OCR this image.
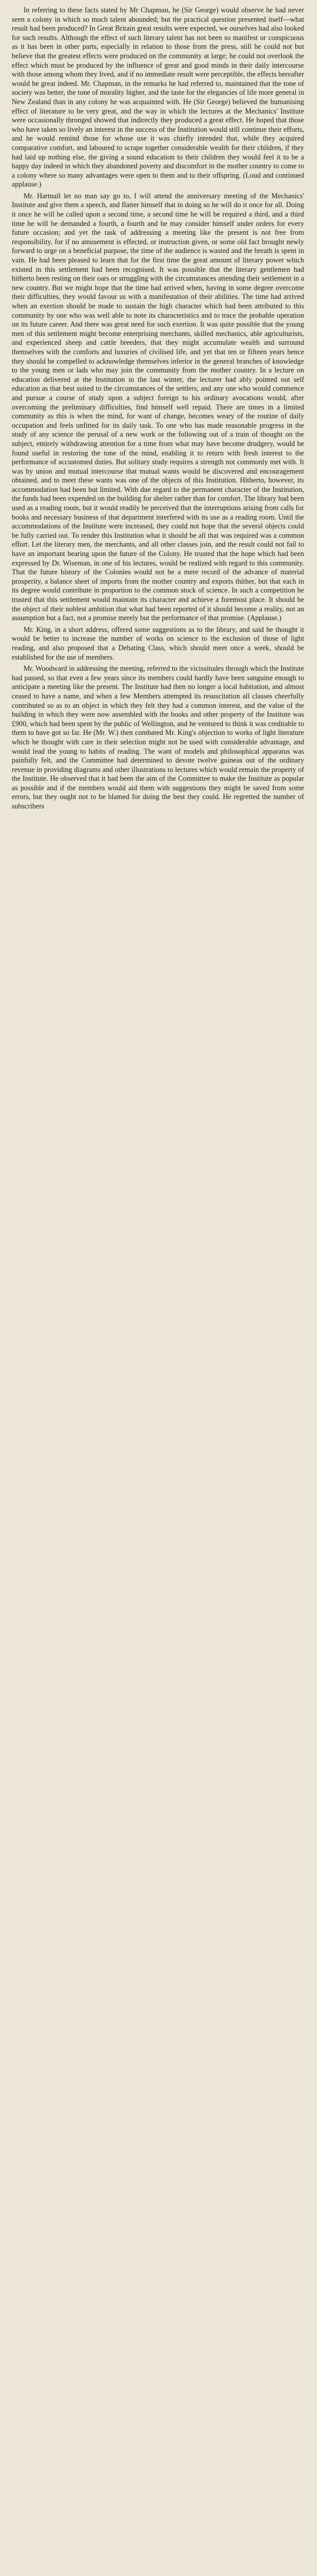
In referring to these facts stated by Mr Chapman, he (Sir George) would observe he had never seen a colony in which so much talent abounded; but the practical question presented itself—what result had been produced? In Great Britain great results were expected, we ourselves had also looked for such results. Although the effect of such literary talent has not been so manifest or conspicuous as it has been in other parts, especially in relation to those from the press, still he could not but believe that the greatest effects were produced on the community at large; he could not overlook the effect which must be produced by the influence of great and good minds in their daily intercourse with those among whom they lived, and if no immediate result were perceptible, the effects hereafter would be great indeed. Mr. Chapman, in the remarks he had referred to, maintained that the tone of society was better, the tone of morality higher, and the taste for the elegancies of life more general in New Zealand than in any colony he was acquainted with. He (Sir George) believed the humanising effect of literature to be very great, and the way in which the lectures at the Mechanics' Institute were occasionally thronged showed that indirectly they produced a great effect. He hoped that those who have taken so lively an interest in the success of the Institution would still continue their efforts, and he would remind those for whose use it was chiefly intended that, while they acquired comparative comfort, and laboured to scrape together considerable wealth for their children, if they had laid up nothing else, the giving a sound education to their children they would feel it to be a happy day indeed in which they abandoned poverty and discomfort in the mother country to come to a colony where so many advantages were open to them and to their offspring. (Loud and continued applause.)

Mr. Hartnall let no man say go to, I will attend the anniversary meeting of the Mechanics' Institute and give them a speech, and flatter himself that in doing so he will do it once for all. Doing it once he will be called upon a second time, a second time he will be required a third, and a third time he will be demanded a fourth, a fourth and he may consider himself under orders for every future occasion; and yet the task of addressing a meeting like the present is not free from responsibility, for if no amusement is effected, or instruction given, or some old fact brought newly forward to urge on a beneficial purpose, the time of the audience is wasted and the breath is spent in vain. He had been pleased to learn that for the first time the great amount of literary power which existed in this settlement had been recognised. It was possible that the literary gentlemen had hitherto been resting on their oars or struggling with the circumstances attending their settlement in a new country. But we might hope that the time had arrived when, having in some degree overcome their difficulties, they would favour us with a manifestation of their abilities. The time had arrived when an exertion should be made to sustain the high character which had been attributed to this community by one who was well able to note its characteristics and to trace the probable operation on its future career. And there was great need for such exertion. It was quite possible that the young men of this settlement might become enterprising merchants, skilled mechanics, able agriculturists, and experienced sheep and cattle breeders, that they might accumulate wealth and surround themselves with the comforts and luxuries of civilised life, and yet that ten or fifteen years hence they should be compelled to acknowledge themselves inferior in the general branches of knowledge to the young men or lads who may join the community from the mother country. In a lecture on education delivered at the Institution in the last winter, the lecturer had ably pointed out self education as that best suited to the circumstances of the settlers; and any one who would commence and pursue a course of study upon a subject foreign to his ordinary avocations would, after overcoming the preliminary difficulties, find himself well repaid. There are times in a limited community as this is when the mind, for want of change, becomes weary of the routine of daily occupation and feels unfitted for its daily task. To one who has made reasonable progress in the study of any science the perusal of a new work or the following out of a train of thought on the subject, entirely withdrawing attention for a time from what may have become drudgery, would be found useful in restoring the tone of the mind, enabling it to return with fresh interest to the performance of accustomed duties. But solitary study requires a strength not commonly met with. It was by union and mutual intercourse that mutual wants would be discovered and encouragement obtained, and to meet these wants was one of the objects of this Institution. Hitherto, however, its accommodation had been but limited. With due regard to the permanent character of the Institution, the funds had been expended on the building for shelter rather than for comfort. The library had been used as a reading room, but it would readily be perceived that the interruptions arising from calls for books and necessary business of that department interfered with its use as a reading room. Until the accommodations of the Institute were increased, they could not hope that the several objects could be fully carried out. To render this Institution what it should be all that was required was a common effort. Let the literary men, the merchants, and all other classes join, and the result could not fail to have an important bearing upon the future of the Colony. He trusted that the hope which had been expressed by Dr. Wiseman, in one of his lectures, would be realized with regard to this community. That the future history of the Colonies would not be a mere record of the advance of material prosperity, a balance sheet of imports from the mother country and exports thither, but that each in its degree would contribute in proportion to the common stock of science. In such a competition he trusted that this settlement would maintain its character and achieve a foremost place. It should be the object of their noblest ambition that what had been reported of it should become a reality, not an assumption but a fact, not a promise merely but the performance of that promise. (Applause.)

Mr. King, in a short address, offered some suggestions as to the library, and said he thought it would be better to increase the number of works on science to the exclusion of those of light reading, and also proposed that a Debating Class, which should meet once a week, should be established for the use of members.

Mr. Woodward in addressing the meeting, referred to the vicissitudes through which the Institute had passed, so that even a few years since its members could hardly have been sanguine enough to anticipate a meeting like the present. The Institute had then no longer a local habitation, and almost ceased to have a name, and when a few Members attempted its resuscitation all classes cheerfully contributed so as to an object in which they felt they had a common interest, and the value of the building in which they were now assembled with the books and other property of the Institute was £900, which had been spent by the public of Wellington, and he ventured to think it was creditable to them to have got so far. He (Mr. W.) then combated Mr. King's objection to works of light literature which he thought with care in their selection might not be used with considerable advantage, and would lead the young to habits of reading. The want of models and philosophical apparatus was painfully felt, and the Committee had determined to devote twelve guineas out of the ordinary revenue in providing diagrams and other illustrations to lectures which would remain the property of the Institute. He observed that it had been the aim of the Committee to make the Institute as popular as possible and if the members would aid them with suggestions they might be saved from some errors, but they ought not to be blamed for doing the best they could. He regretted the number of subscribers
